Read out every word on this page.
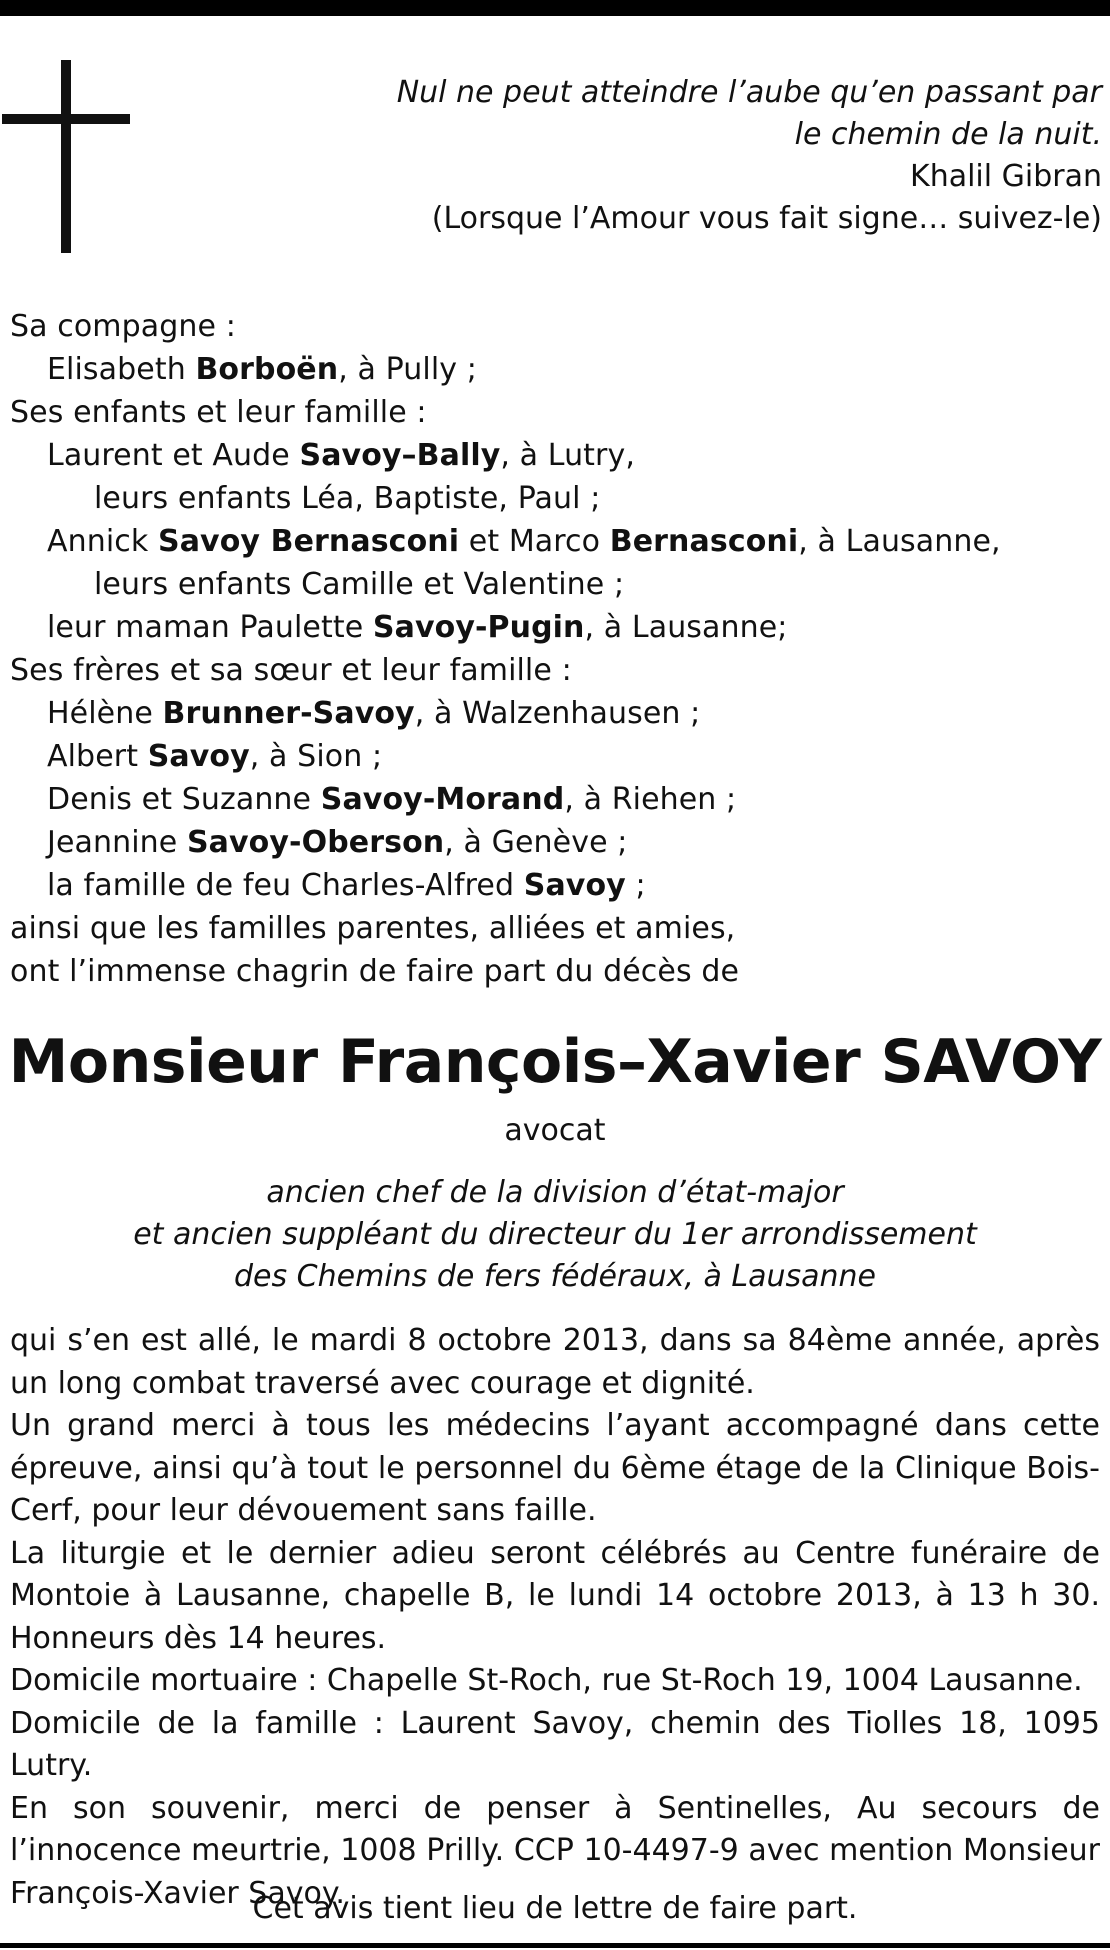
Nul ne peut atteindre l’aube qu’en passant par
le chemin de la nuit.
Khalil Gibran
(Lorsque l’Amour vous fait signe… suivez-le)
Sa compagne :
Elisabeth Borboën, à Pully ;
Ses enfants et leur famille :
Laurent et Aude Savoy–Bally, à Lutry,
leurs enfants Léa, Baptiste, Paul ;
Annick Savoy Bernasconi et Marco Bernasconi, à Lausanne,
leurs enfants Camille et Valentine ;
leur maman Paulette Savoy-Pugin, à Lausanne;
Ses frères et sa sœur et leur famille :
Hélène Brunner-Savoy, à Walzenhausen ;
Albert Savoy, à Sion ;
Denis et Suzanne Savoy-Morand, à Riehen ;
Jeannine Savoy-Oberson, à Genève ;
la famille de feu Charles-Alfred Savoy ;
ainsi que les familles parentes, alliées et amies,
ont l’immense chagrin de faire part du décès de
Monsieur François–Xavier SAVOY
avocat
ancien chef de la division d’état-major
et ancien suppléant du directeur du 1er arrondissement
des Chemins de fers fédéraux, à Lausanne

qui s’en est allé, le mardi 8 octobre 2013, dans sa 84ème année, après un long combat traversé avec courage et dignité.

Un grand merci à tous les médecins l’ayant accompagné dans cette épreuve, ainsi qu’à tout le personnel du 6ème étage de la Clinique Bois-Cerf, pour leur dévouement sans faille.

La liturgie et le dernier adieu seront célébrés au Centre funéraire de Montoie à Lausanne, chapelle B, le lundi 14 octobre 2013, à 13 h 30. Honneurs dès 14 heures.

Domicile mortuaire : Chapelle St-Roch, rue St-Roch 19, 1004 Lausanne.

Domicile de la famille : Laurent Savoy, chemin des Tiolles 18, 1095 Lutry.

En son souvenir, merci de penser à Sentinelles, Au secours de l’innocence meurtrie, 1008 Prilly. CCP 10-4497-9 avec mention Monsieur François-Xavier Savoy.

Cet avis tient lieu de lettre de faire part.
